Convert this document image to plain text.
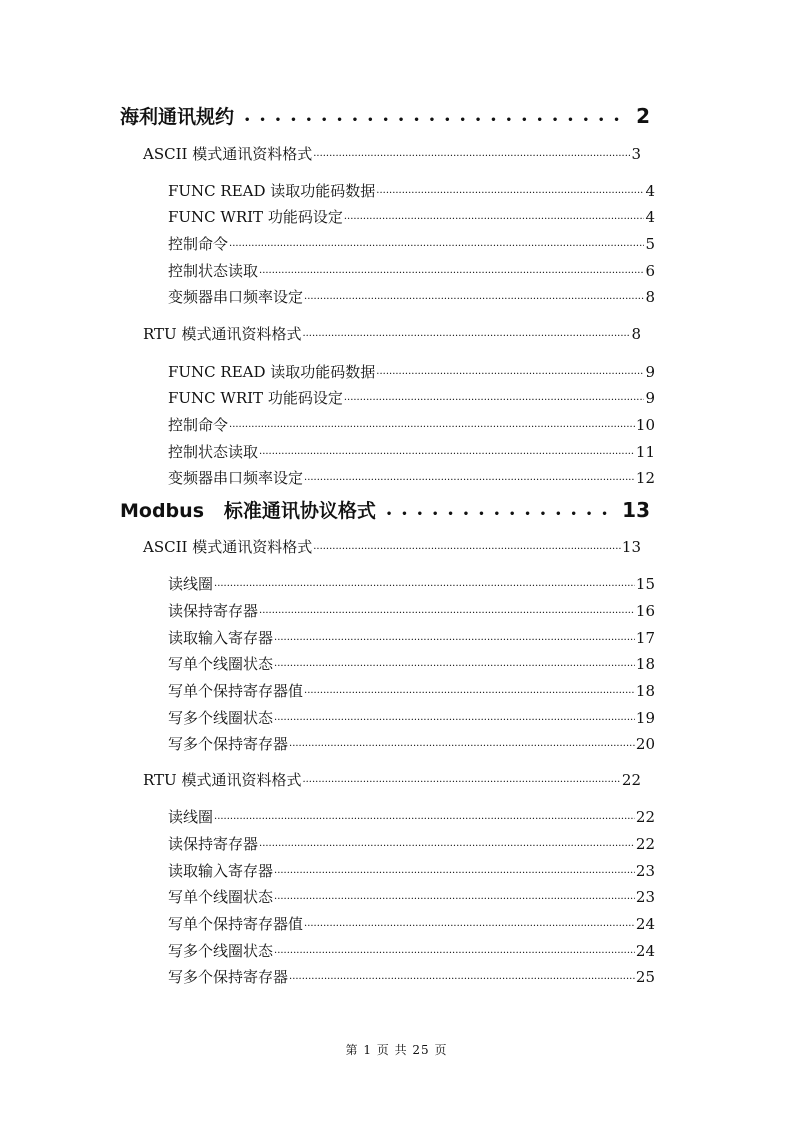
海利通讯规约 •••••	2
ASCII 模式通讯资料格式 ·····	3
FUNC READ 读取功能码数据 ·····	4
FUNC WRIT 功能码设定 ·····	4
控制命令 ·····	5
控制状态读取 ·····	6
变频器串口频率设定 ·····	8
RTU 模式通讯资料格式 ·····	8
FUNC READ 读取功能码数据 ·····	9
FUNC WRIT 功能码设定 ·····	9
控制命令 ·····	10
控制状态读取 ·····	11
变频器串口频率设定 ·····	12
Modbus   标准通讯协议格式 •••••	13
ASCII 模式通讯资料格式 ·····	13
读线圈 ·····	15
读保持寄存器 ·····	16
读取输入寄存器 ·····	17
写单个线圈状态 ·····	18
写单个保持寄存器值 ·····	18
写多个线圈状态 ·····	19
写多个保持寄存器 ·····	20
RTU 模式通讯资料格式 ·····	22
读线圈 ·····	22
读保持寄存器 ·····	22
读取输入寄存器 ·····	23
写单个线圈状态 ·····	23
写单个保持寄存器值 ·····	24
写多个线圈状态 ·····	24
写多个保持寄存器 ·····	25
第 1 页 共 25 页
